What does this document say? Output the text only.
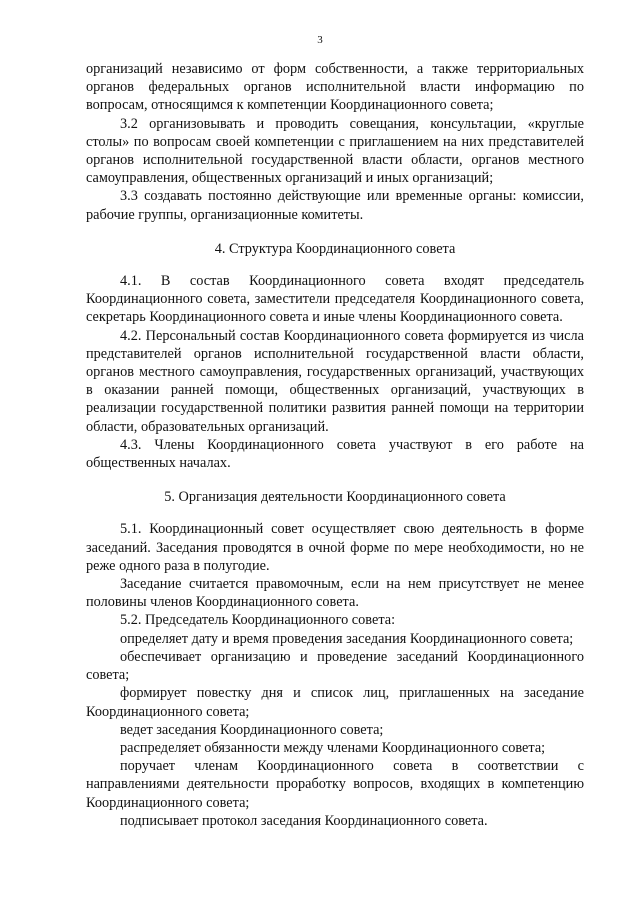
3

организаций независимо от форм собственности, а также территориальных органов федеральных органов исполнительной власти информацию по вопросам, относящимся к компетенции Координационного совета;

3.2 организовывать и проводить совещания, консультации, «круглые столы» по вопросам своей компетенции с приглашением на них представителей органов исполнительной государственной власти области, органов местного самоуправления, общественных организаций и иных организаций;

3.3 создавать постоянно действующие или временные органы: комиссии, рабочие группы, организационные комитеты.

4. Структура Координационного совета

4.1. В состав Координационного совета входят председатель Координационного совета, заместители председателя Координационного совета, секретарь Координационного совета и иные члены Координационного совета.

4.2. Персональный состав Координационного совета формируется из числа представителей органов исполнительной государственной власти области, органов местного самоуправления, государственных организаций, участвующих в оказании ранней помощи, общественных организаций, участвующих в реализации государственной политики развития ранней помощи на территории области, образовательных организаций.

4.3. Члены Координационного совета участвуют в его работе на общественных началах.

5. Организация деятельности Координационного совета

5.1. Координационный совет осуществляет свою деятельность в форме заседаний. Заседания проводятся в очной форме по мере необходимости, но не реже одного раза в полугодие.

Заседание считается правомочным, если на нем присутствует не менее половины членов Координационного совета.

5.2. Председатель Координационного совета:

определяет дату и время проведения заседания Координационного совета;

обеспечивает организацию и проведение заседаний Координационного совета;

формирует повестку дня и список лиц, приглашенных на заседание Координационного совета;

ведет заседания Координационного совета;

распределяет обязанности между членами Координационного совета;

поручает членам Координационного совета в соответствии с направлениями деятельности проработку вопросов, входящих в компетенцию Координационного совета;

подписывает протокол заседания Координационного совета.
